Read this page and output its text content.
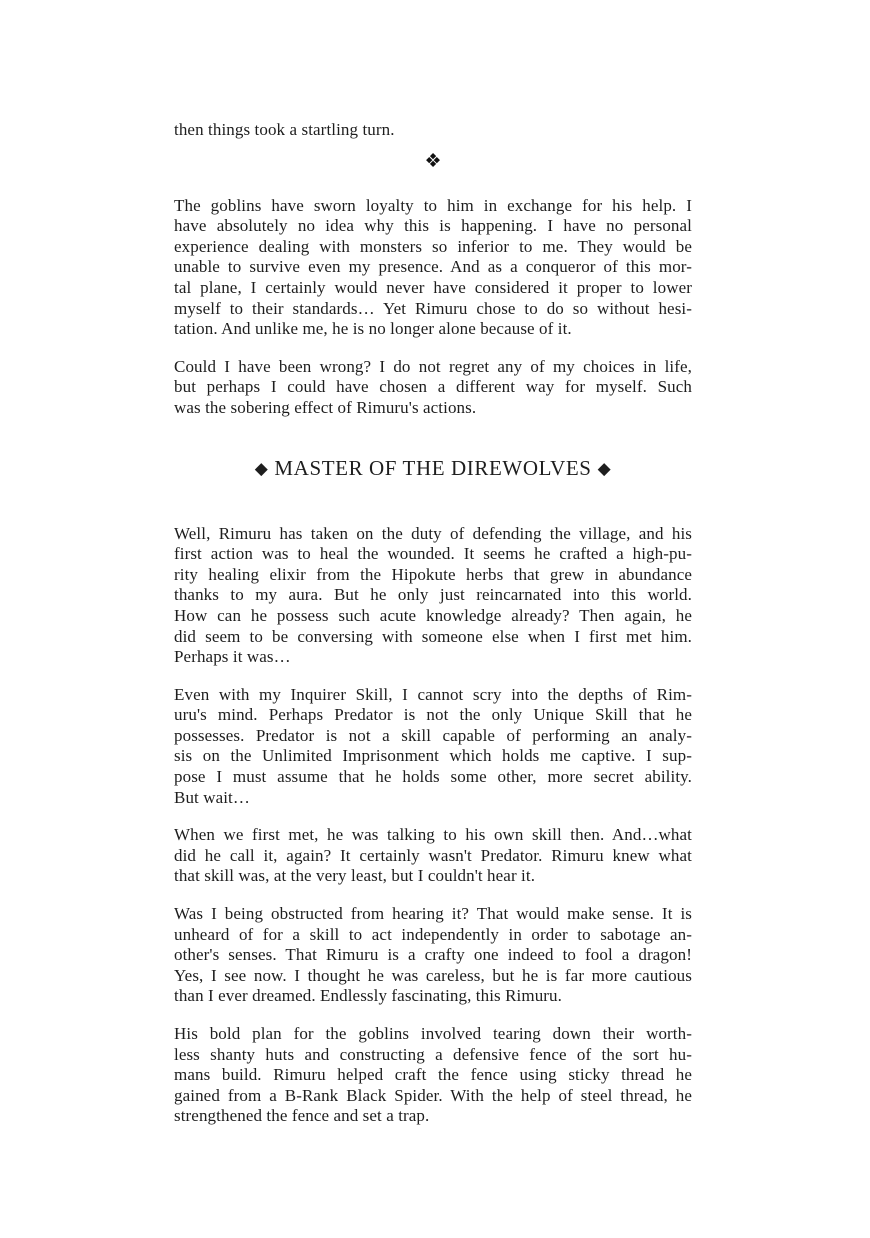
then things took a startling turn.
❖
The goblins have sworn loyalty to him in exchange for his help. I
have absolutely no idea why this is happening. I have no personal
experience dealing with monsters so inferior to me. They would be
unable to survive even my presence. And as a conqueror of this mor-
tal plane, I certainly would never have considered it proper to lower
myself to their standards… Yet Rimuru chose to do so without hesi-
tation. And unlike me, he is no longer alone because of it.
Could I have been wrong? I do not regret any of my choices in life,
but perhaps I could have chosen a different way for myself. Such
was the sobering effect of Rimuru's actions.
◆ MASTER OF THE DIREWOLVES ◆
Well, Rimuru has taken on the duty of defending the village, and his
first action was to heal the wounded. It seems he crafted a high-pu-
rity healing elixir from the Hipokute herbs that grew in abundance
thanks to my aura. But he only just reincarnated into this world.
How can he possess such acute knowledge already? Then again, he
did seem to be conversing with someone else when I first met him.
Perhaps it was…
Even with my Inquirer Skill, I cannot scry into the depths of Rim-
uru's mind. Perhaps Predator is not the only Unique Skill that he
possesses. Predator is not a skill capable of performing an analy-
sis on the Unlimited Imprisonment which holds me captive. I sup-
pose I must assume that he holds some other, more secret ability.
But wait…
When we first met, he was talking to his own skill then. And…what
did he call it, again? It certainly wasn't Predator. Rimuru knew what
that skill was, at the very least, but I couldn't hear it.
Was I being obstructed from hearing it? That would make sense. It is
unheard of for a skill to act independently in order to sabotage an-
other's senses. That Rimuru is a crafty one indeed to fool a dragon!
Yes, I see now. I thought he was careless, but he is far more cautious
than I ever dreamed. Endlessly fascinating, this Rimuru.
His bold plan for the goblins involved tearing down their worth-
less shanty huts and constructing a defensive fence of the sort hu-
mans build. Rimuru helped craft the fence using sticky thread he
gained from a B-Rank Black Spider. With the help of steel thread, he
strengthened the fence and set a trap.
